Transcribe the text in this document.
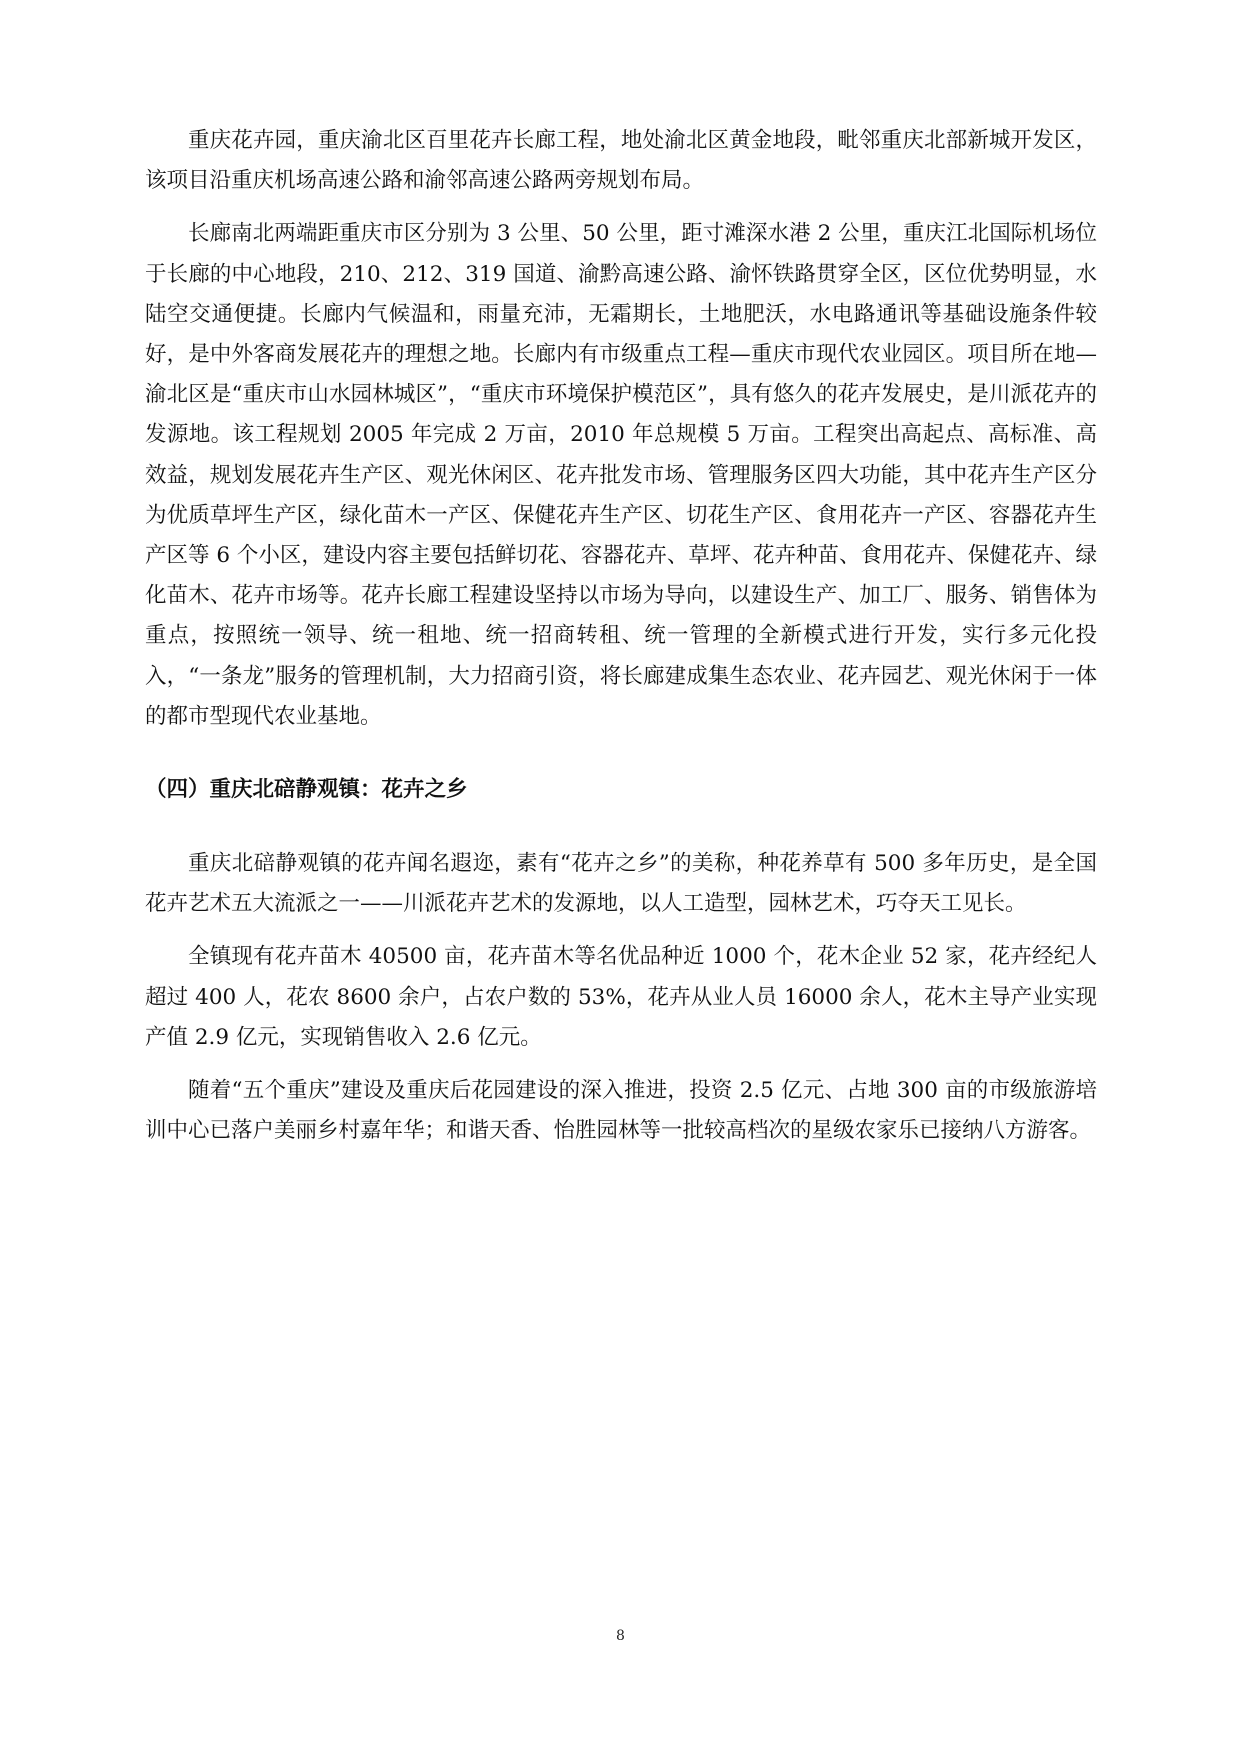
重庆花卉园，重庆渝北区百里花卉长廊工程，地处渝北区黄金地段，毗邻重庆北部新城开发区，该项目沿重庆机场高速公路和渝邻高速公路两旁规划布局。

长廊南北两端距重庆市区分别为 3 公里、50 公里，距寸滩深水港 2 公里，重庆江北国际机场位于长廊的中心地段，210、212、319 国道、渝黔高速公路、渝怀铁路贯穿全区，区位优势明显，水陆空交通便捷。长廊内气候温和，雨量充沛，无霜期长，土地肥沃，水电路通讯等基础设施条件较好，是中外客商发展花卉的理想之地。长廊内有市级重点工程—重庆市现代农业园区。项目所在地—渝北区是“重庆市山水园林城区”，“重庆市环境保护模范区”，具有悠久的花卉发展史，是川派花卉的发源地。该工程规划 2005 年完成 2 万亩，2010 年总规模 5 万亩。工程突出高起点、高标准、高效益，规划发展花卉生产区、观光休闲区、花卉批发市场、管理服务区四大功能，其中花卉生产区分为优质草坪生产区，绿化苗木一产区、保健花卉生产区、切花生产区、食用花卉一产区、容器花卉生产区等 6 个小区，建设内容主要包括鲜切花、容器花卉、草坪、花卉种苗、食用花卉、保健花卉、绿化苗木、花卉市场等。花卉长廊工程建设坚持以市场为导向，以建设生产、加工厂、服务、销售体为重点，按照统一领导、统一租地、统一招商转租、统一管理的全新模式进行开发，实行多元化投入，“一条龙”服务的管理机制，大力招商引资，将长廊建成集生态农业、花卉园艺、观光休闲于一体的都市型现代农业基地。

（四）重庆北碚静观镇：花卉之乡

重庆北碚静观镇的花卉闻名遐迩，素有“花卉之乡”的美称，种花养草有 500 多年历史，是全国花卉艺术五大流派之一——川派花卉艺术的发源地，以人工造型，园林艺术，巧夺天工见长。

全镇现有花卉苗木 40500 亩，花卉苗木等名优品种近 1000 个，花木企业 52 家，花卉经纪人超过 400 人，花农 8600 余户，占农户数的 53%，花卉从业人员 16000 余人，花木主导产业实现产值 2.9 亿元，实现销售收入 2.6 亿元。

随着“五个重庆”建设及重庆后花园建设的深入推进，投资 2.5 亿元、占地 300 亩的市级旅游培训中心已落户美丽乡村嘉年华；和谐天香、怡胜园林等一批较高档次的星级农家乐已接纳八方游客。

8
